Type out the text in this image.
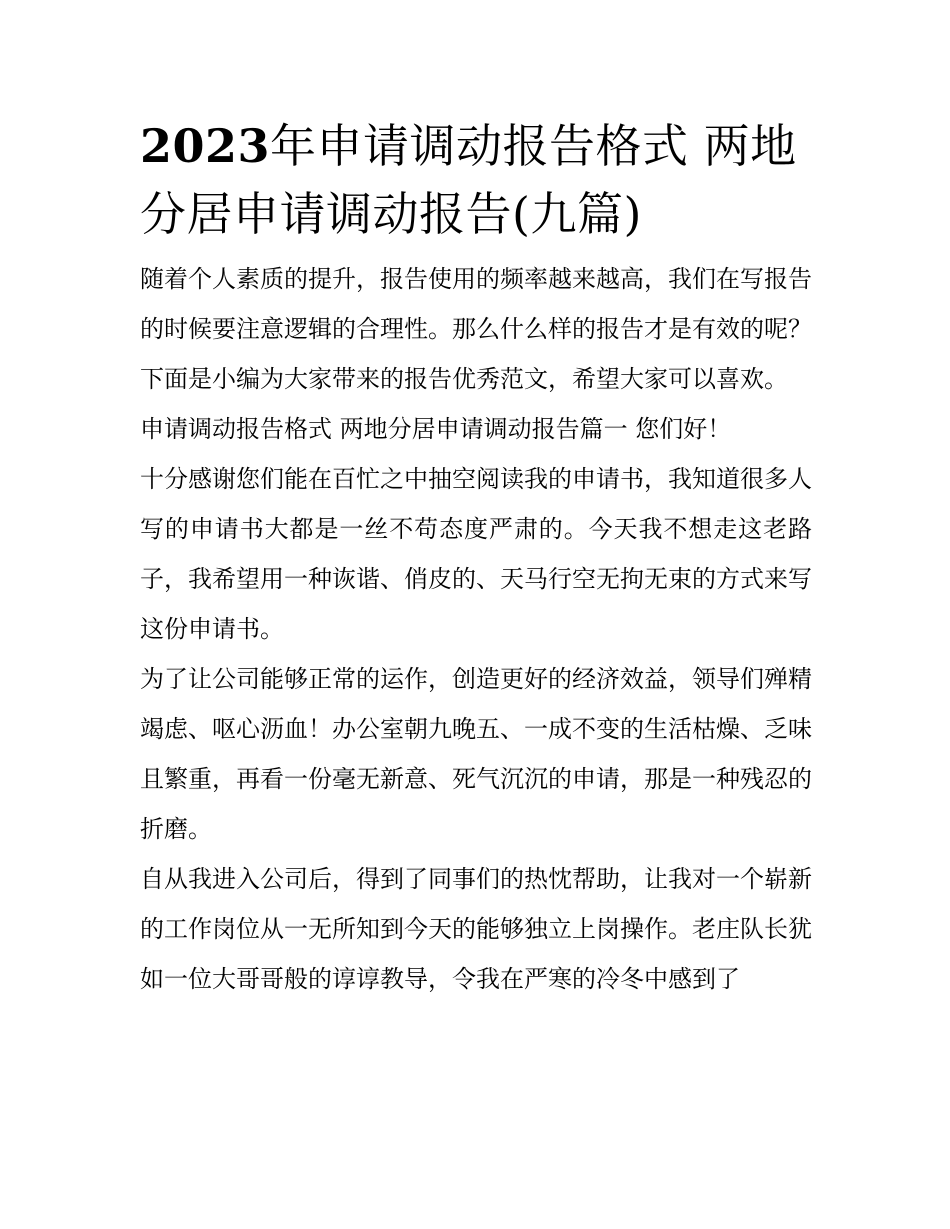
2023年申请调动报告格式 两地分居申请调动报告(九篇)

随着个人素质的提升，报告使用的频率越来越高，我们在写报告的时候要注意逻辑的合理性。那么什么样的报告才是有效的呢？下面是小编为大家带来的报告优秀范文，希望大家可以喜欢。

申请调动报告格式 两地分居申请调动报告篇一 您们好！

十分感谢您们能在百忙之中抽空阅读我的申请书，我知道很多人写的申请书大都是一丝不苟态度严肃的。今天我不想走这老路子，我希望用一种诙谐、俏皮的、天马行空无拘无束的方式来写这份申请书。

为了让公司能够正常的运作，创造更好的经济效益，领导们殚精竭虑、呕心沥血！办公室朝九晚五、一成不变的生活枯燥、乏味且繁重，再看一份毫无新意、死气沉沉的申请，那是一种残忍的折磨。

自从我进入公司后，得到了同事们的热忱帮助，让我对一个崭新的工作岗位从一无所知到今天的能够独立上岗操作。老庄队长犹如一位大哥哥般的谆谆教导，令我在严寒的冷冬中感到了
